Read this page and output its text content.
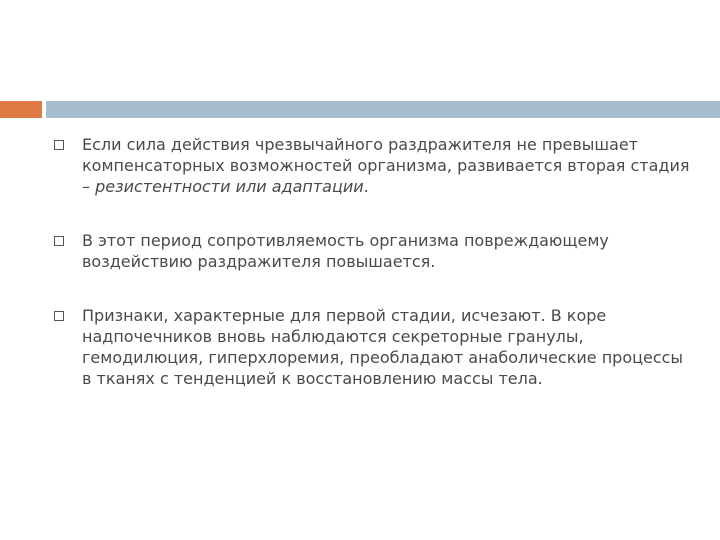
Если сила действия чрезвычайного раздражителя не превышает компенсаторных возможностей организма, развивается вторая стадия – резистентности или адаптации.
В этот период сопротивляемость организма повреждающему воздействию раздражителя повышается.
Признаки, характерные для первой стадии, исчезают. В коре надпочечников вновь наблюдаются секреторные гранулы, гемодилюция, гиперхлоремия, преобладают анаболические процессы в тканях с тенденцией к восстановлению массы тела.
